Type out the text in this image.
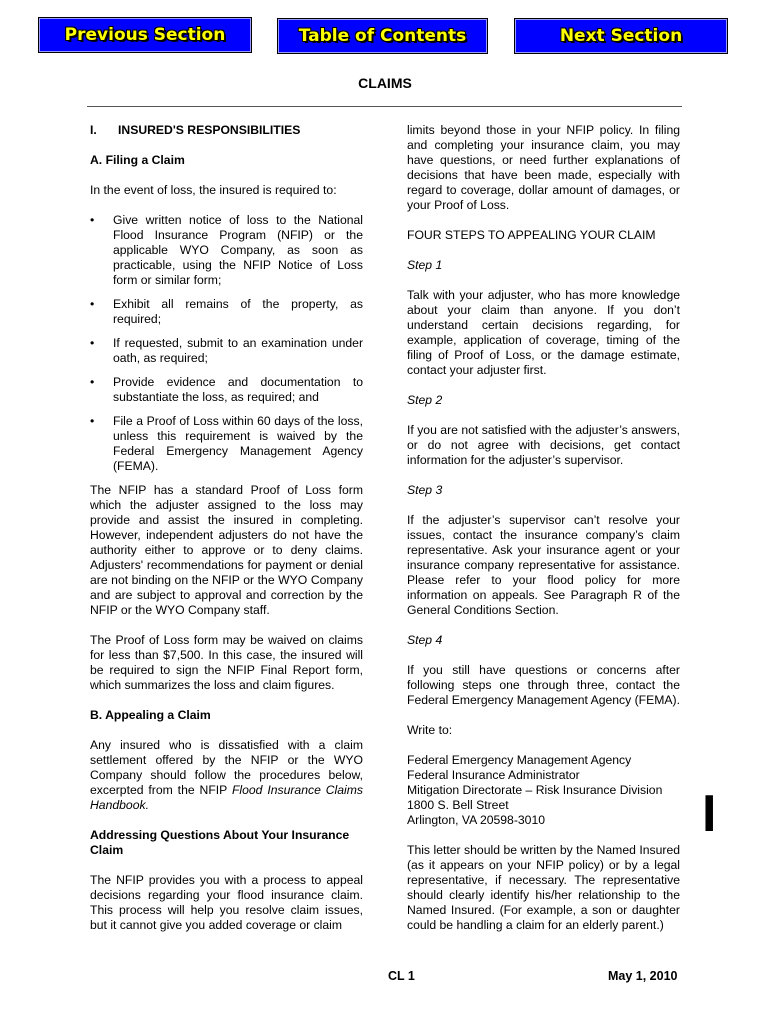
Previous Section	Table of Contents	Next Section
CLAIMS
I.	INSURED'S RESPONSIBILITIES

A. Filing a Claim

In the event of loss, the insured is required to:

• Give written notice of loss to the National Flood Insurance Program (NFIP) or the applicable WYO Company, as soon as practicable, using the NFIP Notice of Loss form or similar form;
• Exhibit all remains of the property, as required;
• If requested, submit to an examination under oath, as required;
• Provide evidence and documentation to substantiate the loss, as required; and
• File a Proof of Loss within 60 days of the loss, unless this requirement is waived by the Federal Emergency Management Agency (FEMA).

The NFIP has a standard Proof of Loss form which the adjuster assigned to the loss may provide and assist the insured in completing. However, independent adjusters do not have the authority either to approve or to deny claims. Adjusters' recommendations for payment or denial are not binding on the NFIP or the WYO Company and are subject to approval and correction by the NFIP or the WYO Company staff.

The Proof of Loss form may be waived on claims for less than $7,500. In this case, the insured will be required to sign the NFIP Final Report form, which summarizes the loss and claim figures.

B. Appealing a Claim

Any insured who is dissatisfied with a claim settlement offered by the NFIP or the WYO Company should follow the procedures below, excerpted from the NFIP Flood Insurance Claims Handbook.

Addressing Questions About Your Insurance Claim

The NFIP provides you with a process to appeal decisions regarding your flood insurance claim. This process will help you resolve claim issues, but it cannot give you added coverage or claim

limits beyond those in your NFIP policy. In filing and completing your insurance claim, you may have questions, or need further explanations of decisions that have been made, especially with regard to coverage, dollar amount of damages, or your Proof of Loss.

FOUR STEPS TO APPEALING YOUR CLAIM

Step 1

Talk with your adjuster, who has more knowledge about your claim than anyone. If you don’t understand certain decisions regarding, for example, application of coverage, timing of the filing of Proof of Loss, or the damage estimate, contact your adjuster first.

Step 2

If you are not satisfied with the adjuster’s answers, or do not agree with decisions, get contact information for the adjuster’s supervisor.

Step 3

If the adjuster’s supervisor can’t resolve your issues, contact the insurance company’s claim representative. Ask your insurance agent or your insurance company representative for assistance. Please refer to your flood policy for more information on appeals. See Paragraph R of the General Conditions Section.

Step 4

If you still have questions or concerns after following steps one through three, contact the Federal Emergency Management Agency (FEMA).

Write to:

Federal Emergency Management Agency
Federal Insurance Administrator
Mitigation Directorate – Risk Insurance Division
1800 S. Bell Street
Arlington, VA 20598-3010

This letter should be written by the Named Insured (as it appears on your NFIP policy) or by a legal representative, if necessary. The representative should clearly identify his/her relationship to the Named Insured. (For example, a son or daughter could be handling a claim for an elderly parent.)

I
CL 1	May 1, 2010
